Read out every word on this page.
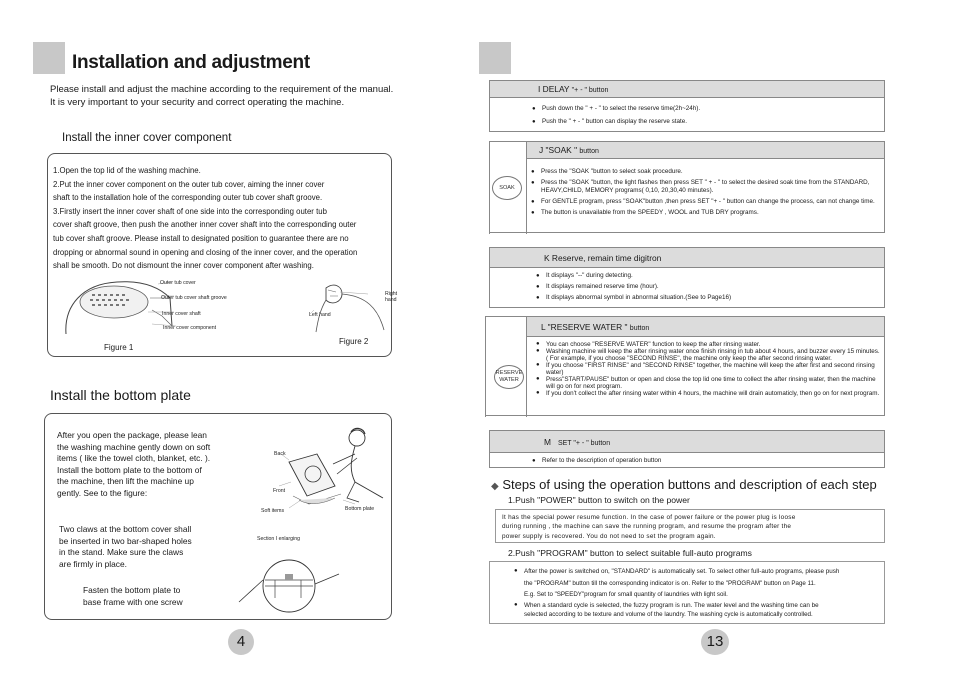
Installation and adjustment
Please install and adjust the machine according to the requirement of the manual.
It is very important to your security and correct operating the machine.
Install the inner cover component
1.Open the top lid of the washing machine.
2.Put the inner cover component on the outer tub cover, aiming the inner cover
shaft to the installation hole of the corresponding outer tub cover shaft groove.
3.Firstly insert the inner cover shaft of one side into the corresponding outer tub
cover shaft groove, then push the another inner cover shaft into the corresponding outer
tub cover shaft groove. Please install to designated position to guarantee there are no
dropping or abnormal sound in opening and closing of the inner cover, and the operation
shall be smooth. Do not dismount the inner cover component after washing.
Outer tub cover
Outer tub cover shaft groove
Inner cover shaft
Inner cover component
Figure 1
Right hand
Left hand
Figure 2
Install the bottom plate
After you open the package, please lean
the washing machine gently down on soft
items ( like the towel cloth, blanket, etc. ).
Install the bottom plate to the bottom of
the machine, then lift the machine up
gently. See to the figure:
Back
Front
Soft items	Bottom plate
Two claws at the bottom cover shall
be inserted in two bar-shaped holes
in the stand. Make sure the claws
are firmly in place.
Section I enlarging
Fasten the bottom plate to
base frame with one screw
4
I DELAY "+ - " button
● Push down the " + - " to select the reserve time(2h~24h).
● Push the " + - " button can display the reserve state.
J "SOAK " button
SOAK
● Press the "SOAK "button to select soak procedure.
● Press the "SOAK "button, the light flashes then press SET " + - " to select the desired soak time from the STANDARD, HEAVY,CHILD, MEMORY programs( 0,10, 20,30,40 minutes).
● For GENTLE program, press "SOAK"button ,then press SET "+ - " button can change the process, can not change time.
● The button is unavailable from the SPEEDY , WOOL and TUB DRY programs.
K Reserve, remain time digitron
● It displays "--" during detecting.
● It displays remained reserve time (hour).
● It displays abnormal symbol in abnormal situation.(See to Page16)
L "RESERVE WATER " button
RESERVE
WATER
● You can choose "RESERVE WATER" function to keep the after rinsing water.
● Washing machine will keep the after rinsing water once finish rinsing in tub about 4 hours, and buzzer every 15 minutes.( For example, if you choose "SECOND RINSE", the machine only keep the after second rinsing water.
● If you choose "FIRST RINSE" and "SECOND RINSE" together, the machine will keep the after first and second rinsing water)
● Press"START/PAUSE" button or open and close the top lid one time to collect the after rinsing water, then the machine will go on for next program.
● If you don't collect the after rinsing water within 4 hours, the machine will drain automaticly, then go on for next program.
M SET "+ - " button
● Refer to the description of operation button
◆ Steps of using the operation buttons and description of each step
1.Push "POWER" button to switch on the power
It has the special power resume function. In the case of power failure or the power plug is loose
during running , the machine can save the running program, and resume the program after the
power supply is recovered. You do not need to set the program again.
2.Push "PROGRAM" button to select suitable full-auto programs
● After the power is switched on, "STANDARD" is automatically set. To select other full-auto programs, please push
the "PROGRAM" button till the corresponding indicator is on. Refer to the "PROGRAM" button on Page 11.
E.g. Set to "SPEEDY"program for small quantity of laundries with light soil.
● When a standard cycle is selected, the fuzzy program is run. The water level and the washing time can be
selected according to be texture and volume of the laundry. The washing cycle is automatically controlled.
13
